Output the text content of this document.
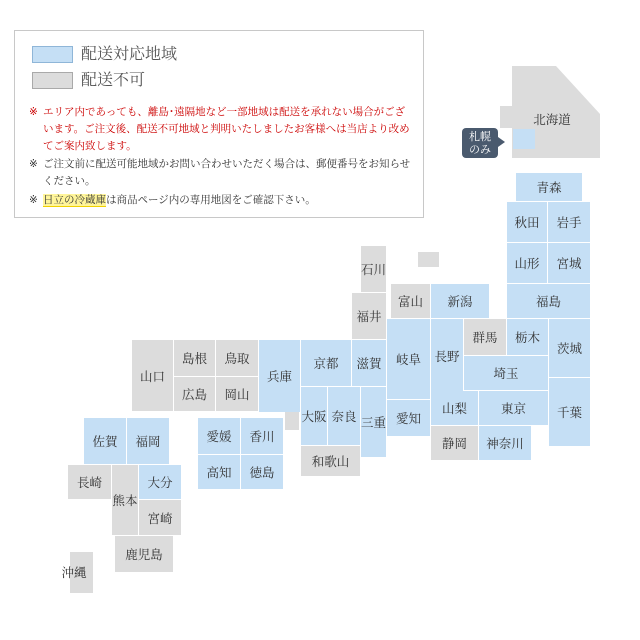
配送対応地域
配送不可
※ エリア内であっても、離島･遠隔地など一部地域は配送を承れない場合がございます。ご注文後、配送不可地域と判明いたしましたお客様へは当店より改めてご案内致します。
※ ご注文前に配送可能地域かお問い合わせいただく場合は、郵便番号をお知らせください。
※ 日立の冷蔵庫は商品ページ内の専用地図をご確認下さい。
北海道
札幌
のみ
青森
秋田	岩手
山形	宮城
福島
新潟
石川
富山
福井
長野
群馬	栃木
茨城
埼玉
千葉
岐阜
愛知
山梨	東京
静岡	神奈川
滋賀
京都
兵庫
大阪 奈良 三重
和歌山
鳥取
島根
岡山
広島
山口
愛媛	香川
高知	徳島
佐賀	福岡
長崎
熊本
大分
宮崎
鹿児島
沖縄
